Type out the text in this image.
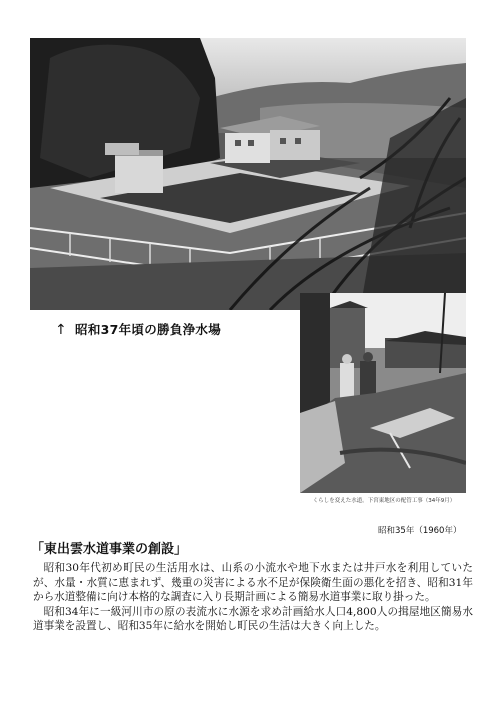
↑ 昭和37年頃の勝負浄水場
くらしを変えた水道。下宮東地区の配管工事（34年9月）
昭和35年（1960年）
「東出雲水道事業の創設」

昭和30年代初め町民の生活用水は、山系の小流水や地下水または井戸水を利用していたが、水量・水質に恵まれず、幾重の災害による水不足が保険衛生面の悪化を招き、昭和31年から水道整備に向け本格的な調査に入り長期計画による簡易水道事業に取り掛った。

昭和34年に一級河川市の原の表流水に水源を求め計画給水人口4,800人の揖屋地区簡易水道事業を設置し、昭和35年に給水を開始し町民の生活は大きく向上した。
